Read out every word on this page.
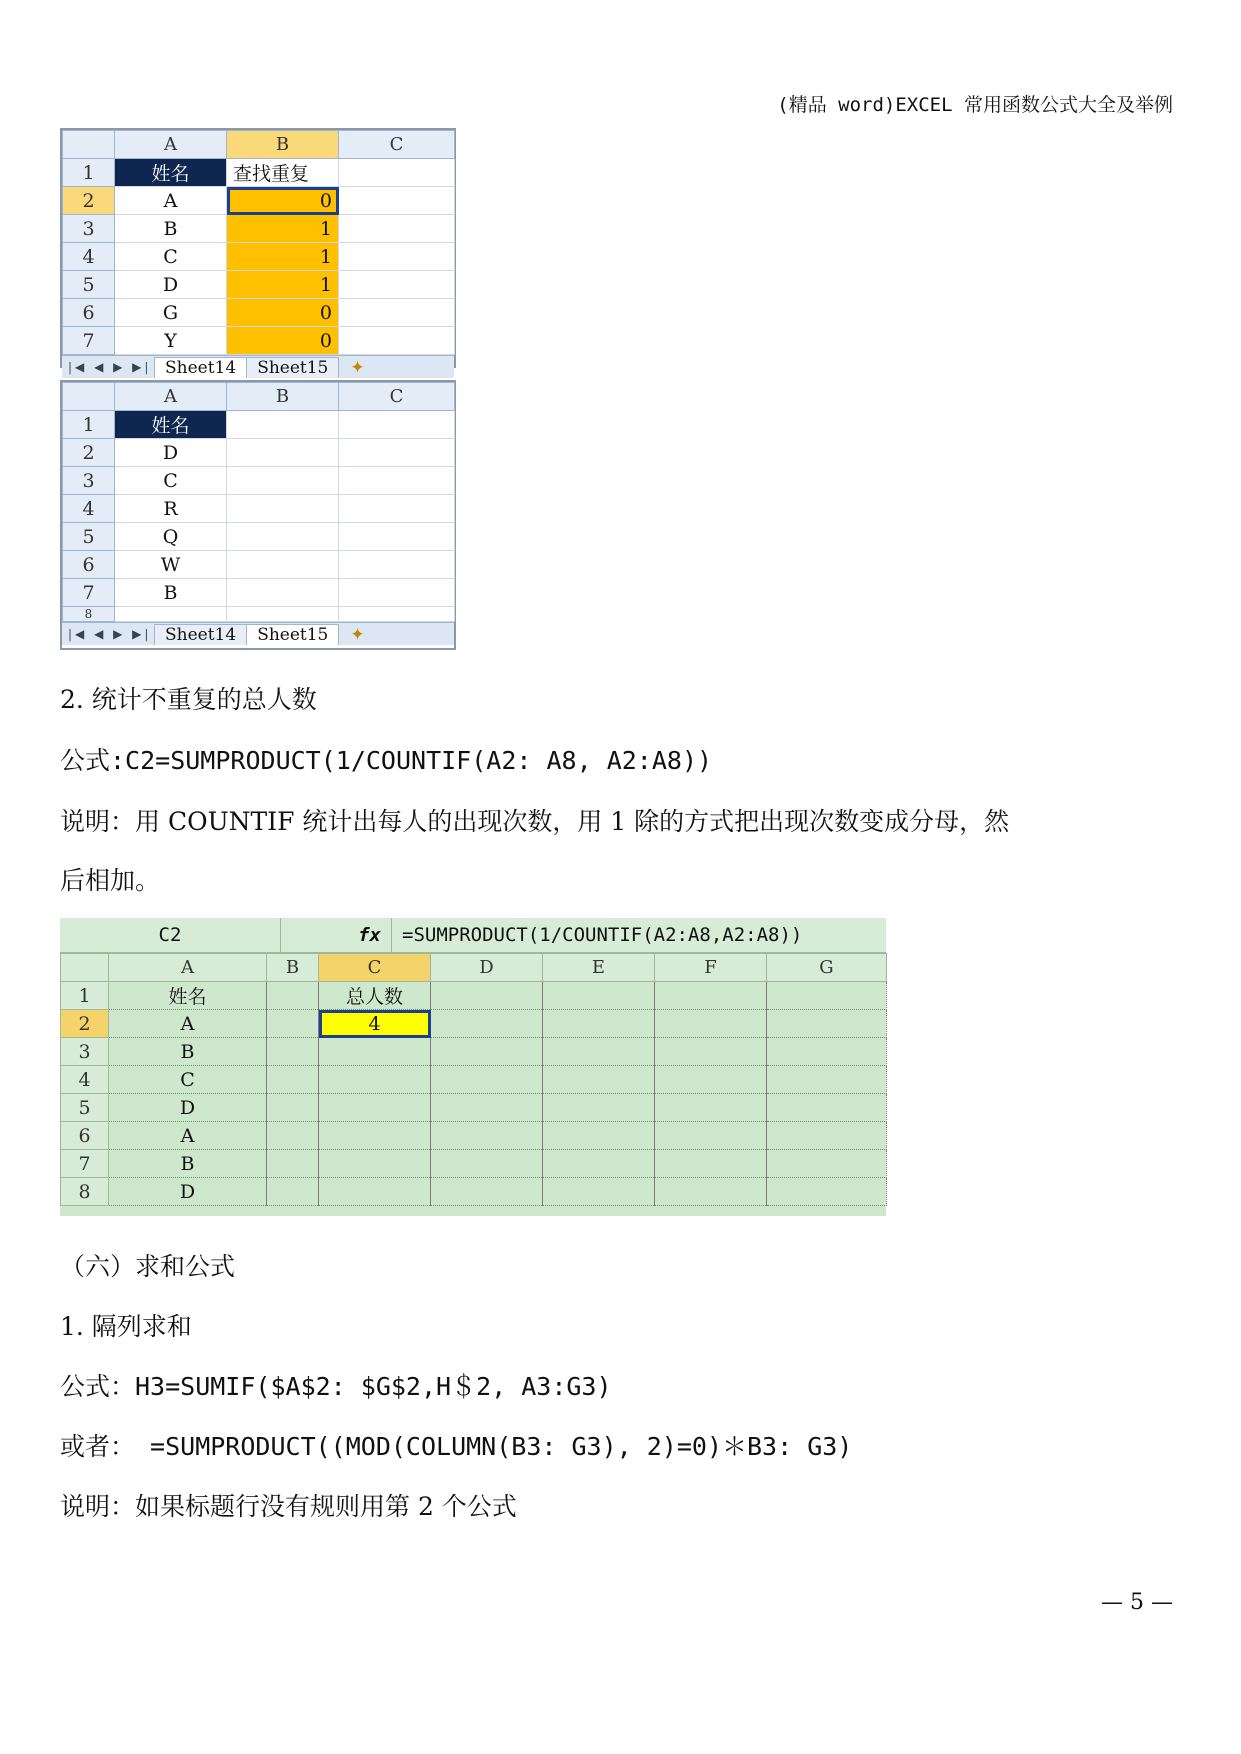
(精品 word)EXCEL 常用函数公式大全及举例
	A	B	C
1	姓名	查找重复	
2	A	0	
3	B	1	
4	C	1	
5	D	1	
6	G	0	
7	Y	0	
|◀ ◀ ▶ ▶| Sheet14	Sheet15	✦
	A	B	C
1	姓名		
2	D		
3	C		
4	R		
5	Q		
6	W		
7	B		
8			
|◀ ◀ ▶ ▶| Sheet14	Sheet15	✦
2. 统计不重复的总人数
公式:C2=SUMPRODUCT(1/COUNTIF(A2: A8, A2:A8))
说明：用 COUNTIF 统计出每人的出现次数，用 1 除的方式把出现次数变成分母，然
后相加。
C2	fx	=SUMPRODUCT(1/COUNTIF(A2:A8,A2:A8))
	A	B	C	D	E	F	G
1	姓名		总人数				
2	A		4				
3	B						
4	C						
5	D						
6	A						
7	B						
8	D						
（六）求和公式
1. 隔列求和
公式：H3=SUMIF($A$2: $G$2,H＄2, A3:G3)
或者： =SUMPRODUCT((MOD(COLUMN(B3: G3), 2)=0)＊B3: G3)
说明：如果标题行没有规则用第 2 个公式
— 5 —
